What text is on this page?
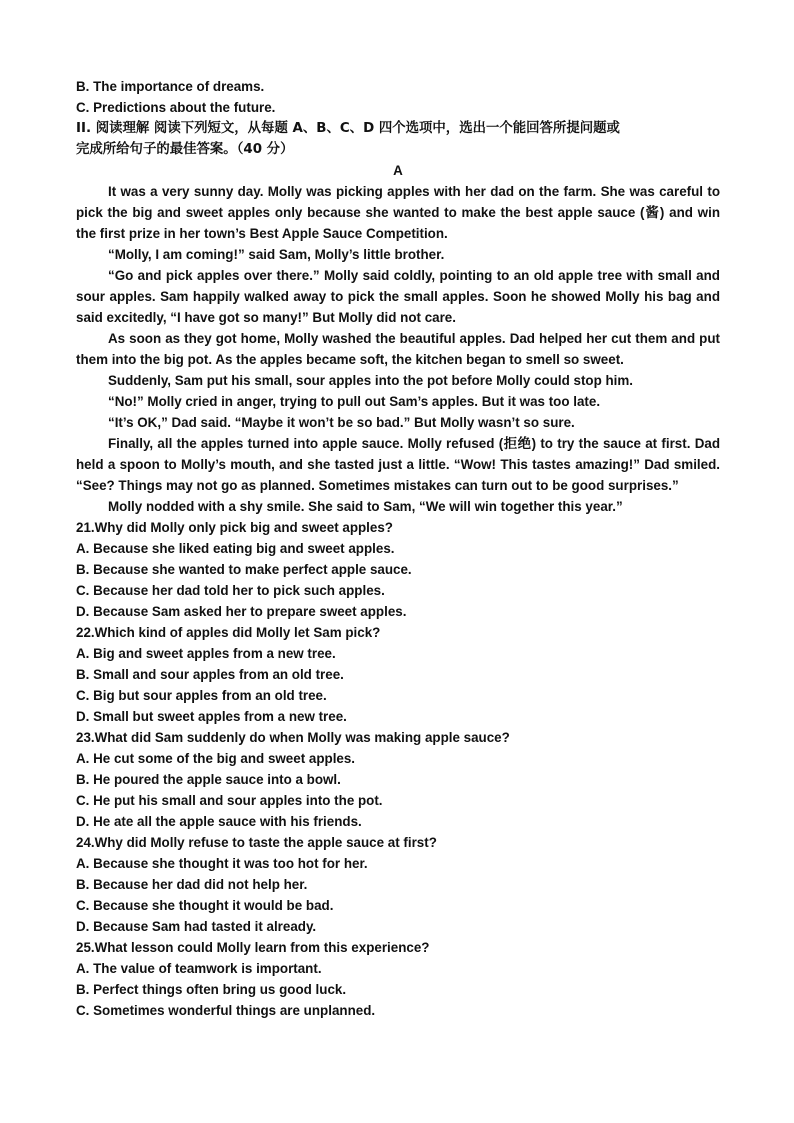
B. The importance of dreams.
C. Predictions about the future.
II. 阅读理解 阅读下列短文，从每题 A、B、C、D 四个选项中，选出一个能回答所提问题或
完成所给句子的最佳答案。（40 分）
A
It was a very sunny day. Molly was picking apples with her dad on the farm. She was careful to pick the big and sweet apples only because she wanted to make the best apple sauce (酱) and win the first prize in her town’s Best Apple Sauce Competition.
“Molly, I am coming!” said Sam, Molly’s little brother.
“Go and pick apples over there.” Molly said coldly, pointing to an old apple tree with small and sour apples. Sam happily walked away to pick the small apples. Soon he showed Molly his bag and said excitedly, “I have got so many!” But Molly did not care.
As soon as they got home, Molly washed the beautiful apples. Dad helped her cut them and put them into the big pot. As the apples became soft, the kitchen began to smell so sweet.
Suddenly, Sam put his small, sour apples into the pot before Molly could stop him.
“No!” Molly cried in anger, trying to pull out Sam’s apples. But it was too late.
“It’s OK,” Dad said. “Maybe it won’t be so bad.” But Molly wasn’t so sure.
Finally, all the apples turned into apple sauce. Molly refused (拒绝) to try the sauce at first. Dad held a spoon to Molly’s mouth, and she tasted just a little. “Wow! This tastes amazing!” Dad smiled. “See? Things may not go as planned. Sometimes mistakes can turn out to be good surprises.”
Molly nodded with a shy smile. She said to Sam, “We will win together this year.”
21.Why did Molly only pick big and sweet apples?
A. Because she liked eating big and sweet apples.
B. Because she wanted to make perfect apple sauce.
C. Because her dad told her to pick such apples.
D. Because Sam asked her to prepare sweet apples.
22.Which kind of apples did Molly let Sam pick?
A. Big and sweet apples from a new tree.
B. Small and sour apples from an old tree.
C. Big but sour apples from an old tree.
D. Small but sweet apples from a new tree.
23.What did Sam suddenly do when Molly was making apple sauce?
A. He cut some of the big and sweet apples.
B. He poured the apple sauce into a bowl.
C. He put his small and sour apples into the pot.
D. He ate all the apple sauce with his friends.
24.Why did Molly refuse to taste the apple sauce at first?
A. Because she thought it was too hot for her.
B. Because her dad did not help her.
C. Because she thought it would be bad.
D. Because Sam had tasted it already.
25.What lesson could Molly learn from this experience?
A. The value of teamwork is important.
B. Perfect things often bring us good luck.
C. Sometimes wonderful things are unplanned.
